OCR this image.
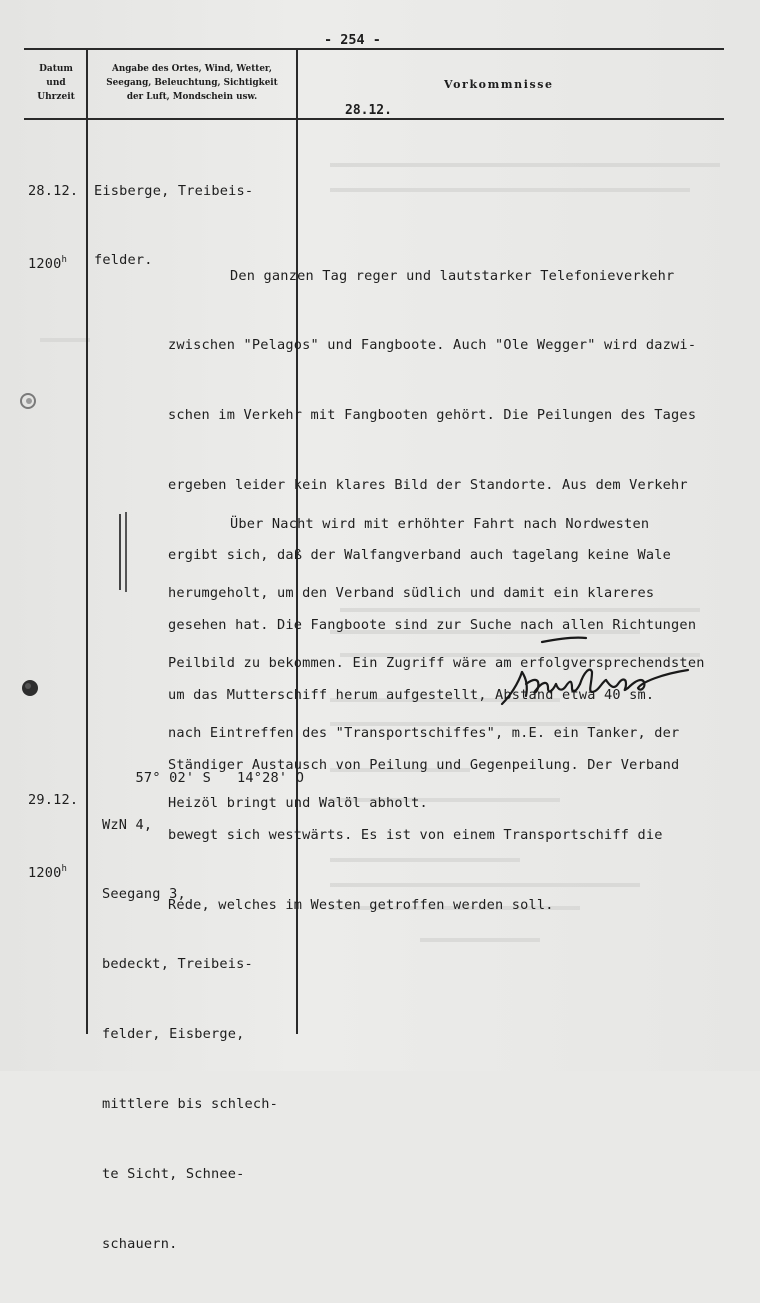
- 254 -
Datum
und
Uhrzeit
Angabe des Ortes, Wind, Wetter,
Seegang, Beleuchtung, Sichtigkeit
der Luft, Mondschein usw.
Vorkommnisse
28.12.

28.12.

1200$^h$

Eisberge, Treibeis-

felder.

Den ganzen Tag reger und lautstarker Telefonieverkehr

zwischen "Pelagos" und Fangboote. Auch "Ole Wegger" wird dazwi-

schen im Verkehr mit Fangbooten gehört. Die Peilungen des Tages

ergeben leider kein klares Bild der Standorte. Aus dem Verkehr

ergibt sich, daß der Walfangverband auch tagelang keine Wale

gesehen hat. Die Fangboote sind zur Suche nach allen Richtungen

um das Mutterschiff herum aufgestellt, Abstand etwa 40 sm.

Ständiger Austausch von Peilung und Gegenpeilung. Der Verband

bewegt sich westwärts. Es ist von einem Transportschiff die

Rede, welches im Westen getroffen werden soll.

Über Nacht wird mit erhöhter Fahrt nach Nordwesten

herumgeholt, um den Verband südlich und damit ein klareres

Peilbild zu bekommen. Ein Zugriff wäre am erfolgversprechendsten

nach Eintreffen des "Transportschiffes", m.E. ein Tanker, der

Heizöl bringt und Walöl abholt.

29.12.

1200$^h$

57° 02' S 14°28' O

WzN 4,

Seegang 3,

bedeckt, Treibeis-

felder, Eisberge,

mittlere bis schlech-

te Sicht, Schnee-

schauern.
